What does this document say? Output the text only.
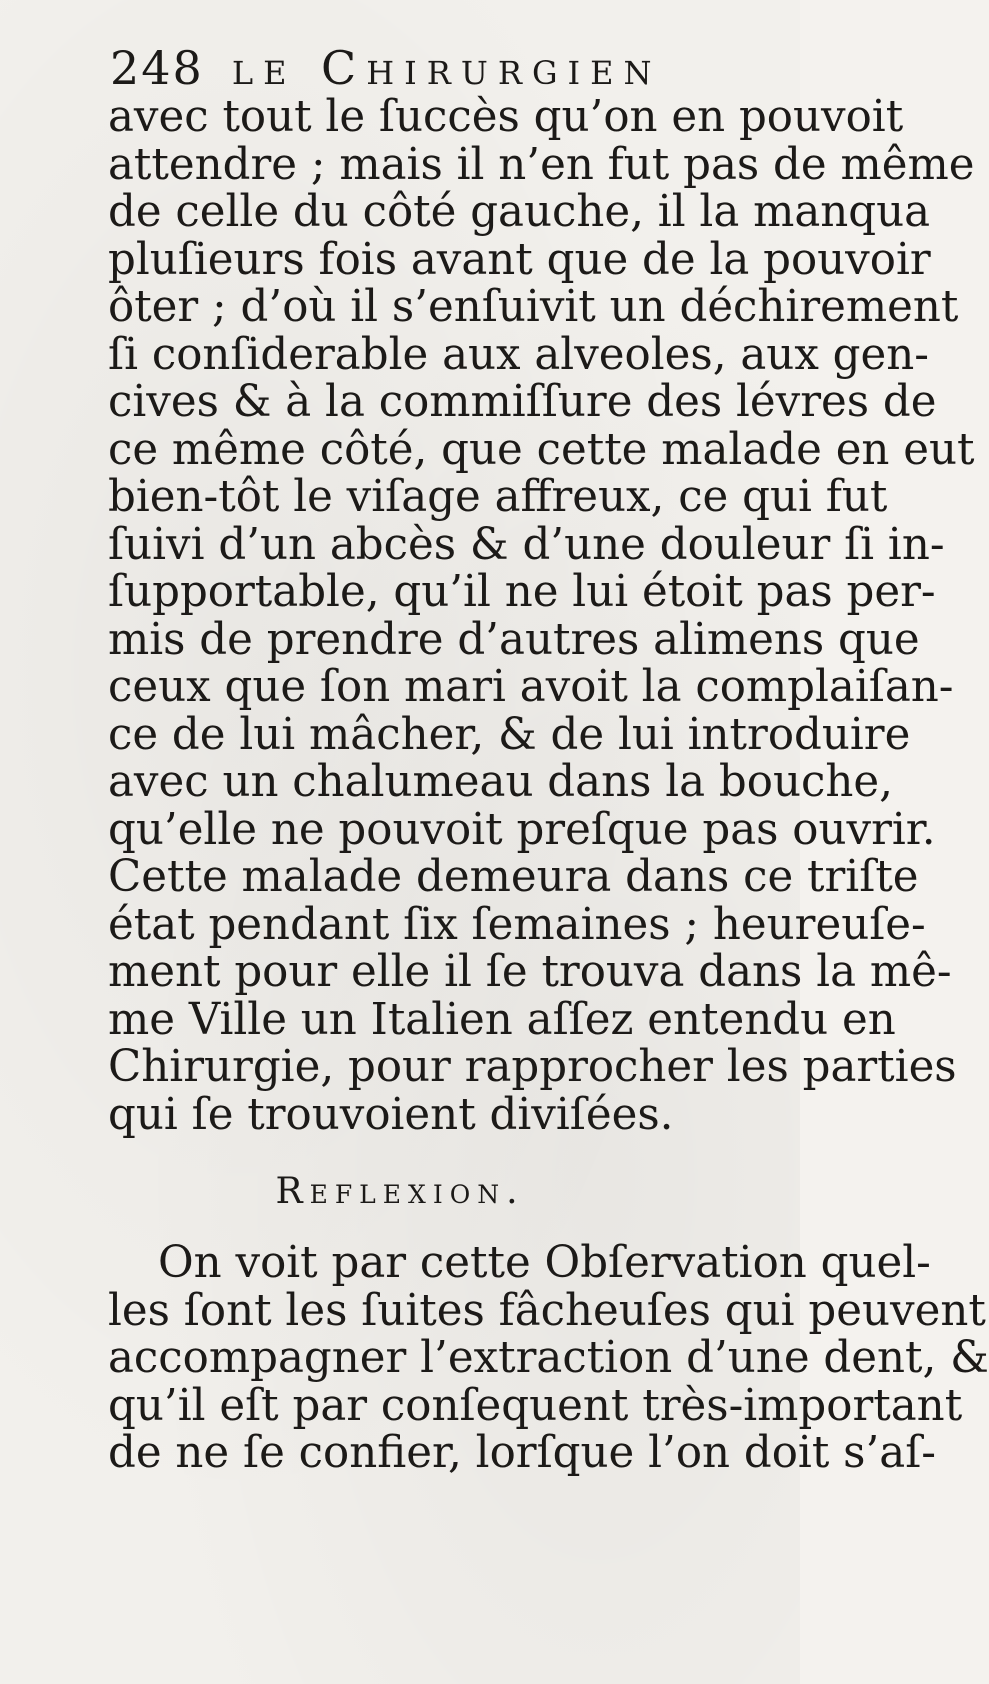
248 le Chirurgien
avec tout le ſuccès qu’on en pouvoit
attendre ; mais il n’en fut pas de même
de celle du côté gauche, il la manqua
pluſieurs fois avant que de la pouvoir
ôter ; d’où il s’enſuivit un déchirement
ſi conſiderable aux alveoles, aux gen-
cives & à la commiſſure des lévres de
ce même côté, que cette malade en eut
bien-tôt le viſage affreux, ce qui fut
ſuivi d’un abcès & d’une douleur ſi in-
ſupportable, qu’il ne lui étoit pas per-
mis de prendre d’autres alimens que
ceux que ſon mari avoit la complaiſan-
ce de lui mâcher, & de lui introduire
avec un chalumeau dans la bouche,
qu’elle ne pouvoit preſque pas ouvrir.
Cette malade demeura dans ce triſte
état pendant ſix ſemaines ; heureuſe-
ment pour elle il ſe trouva dans la mê-
me Ville un Italien aſſez entendu en
Chirurgie, pour rapprocher les parties
qui ſe trouvoient diviſées.
Reflexion.
On voit par cette Obſervation quel-
les ſont les ſuites fâcheuſes qui peuvent
accompagner l’extraction d’une dent, &
qu’il eſt par conſequent très-important
de ne ſe confier, lorſque l’on doit s’aſ-
